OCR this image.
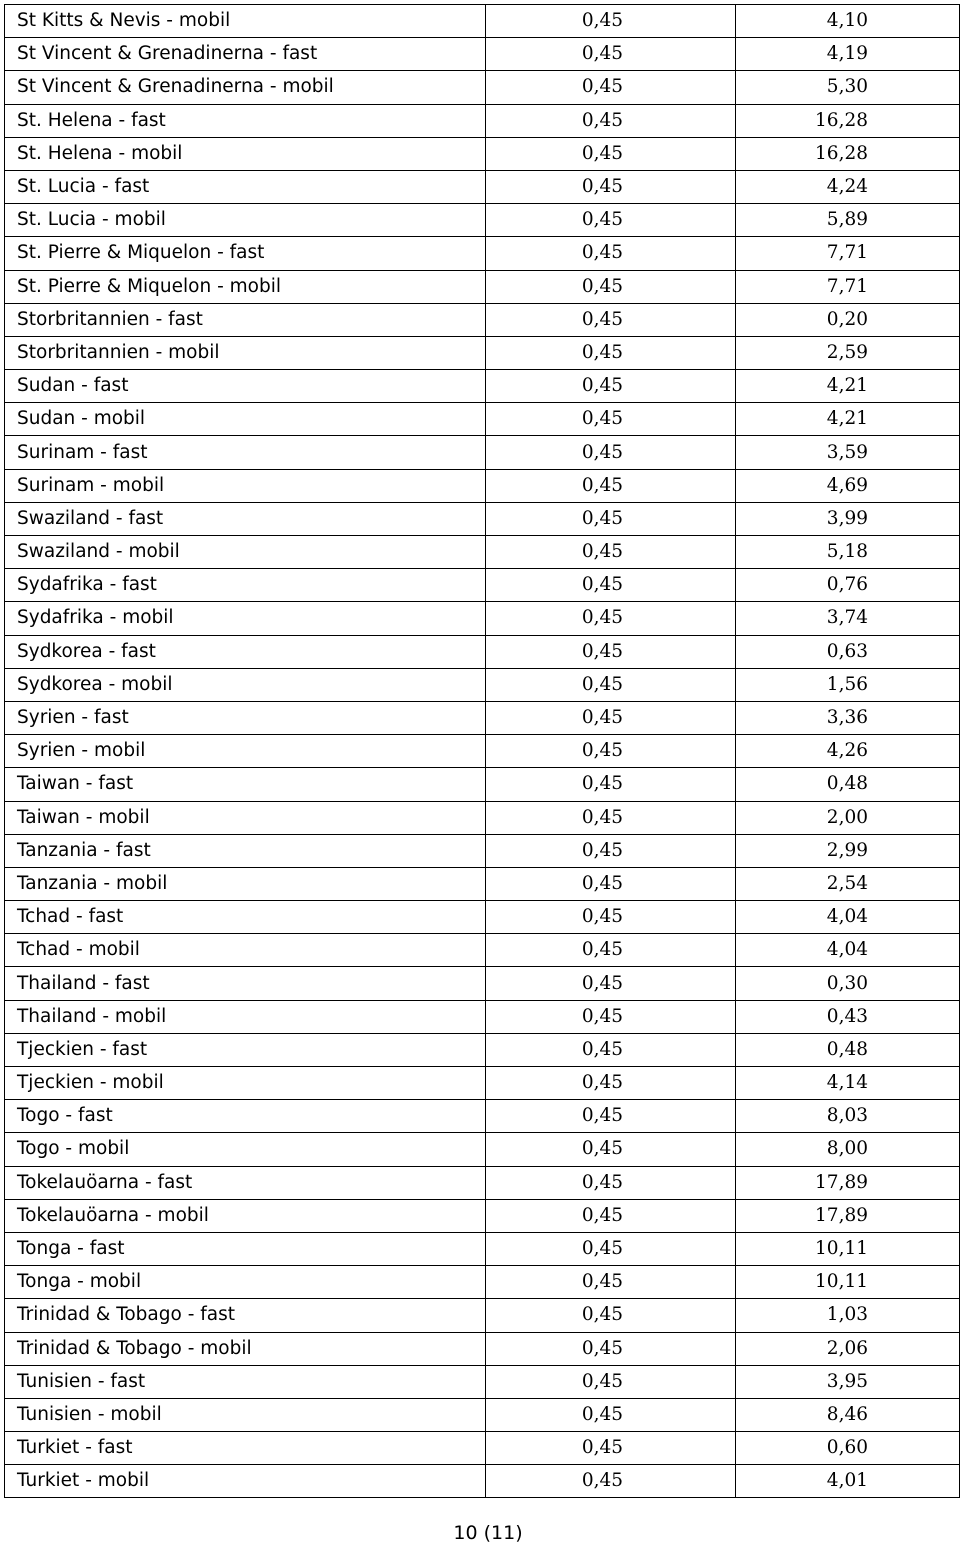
St Kitts & Nevis - mobil	0,45	4,10
St Vincent & Grenadinerna - fast	0,45	4,19
St Vincent & Grenadinerna - mobil	0,45	5,30
St. Helena - fast	0,45	16,28
St. Helena - mobil	0,45	16,28
St. Lucia - fast	0,45	4,24
St. Lucia - mobil	0,45	5,89
St. Pierre & Miquelon - fast	0,45	7,71
St. Pierre & Miquelon - mobil	0,45	7,71
Storbritannien - fast	0,45	0,20
Storbritannien - mobil	0,45	2,59
Sudan - fast	0,45	4,21
Sudan - mobil	0,45	4,21
Surinam - fast	0,45	3,59
Surinam - mobil	0,45	4,69
Swaziland - fast	0,45	3,99
Swaziland - mobil	0,45	5,18
Sydafrika - fast	0,45	0,76
Sydafrika - mobil	0,45	3,74
Sydkorea - fast	0,45	0,63
Sydkorea - mobil	0,45	1,56
Syrien - fast	0,45	3,36
Syrien - mobil	0,45	4,26
Taiwan - fast	0,45	0,48
Taiwan - mobil	0,45	2,00
Tanzania - fast	0,45	2,99
Tanzania - mobil	0,45	2,54
Tchad - fast	0,45	4,04
Tchad - mobil	0,45	4,04
Thailand - fast	0,45	0,30
Thailand - mobil	0,45	0,43
Tjeckien - fast	0,45	0,48
Tjeckien - mobil	0,45	4,14
Togo - fast	0,45	8,03
Togo - mobil	0,45	8,00
Tokelauöarna - fast	0,45	17,89
Tokelauöarna - mobil	0,45	17,89
Tonga - fast	0,45	10,11
Tonga - mobil	0,45	10,11
Trinidad & Tobago - fast	0,45	1,03
Trinidad & Tobago - mobil	0,45	2,06
Tunisien - fast	0,45	3,95
Tunisien - mobil	0,45	8,46
Turkiet - fast	0,45	0,60
Turkiet - mobil	0,45	4,01
10 (11)
